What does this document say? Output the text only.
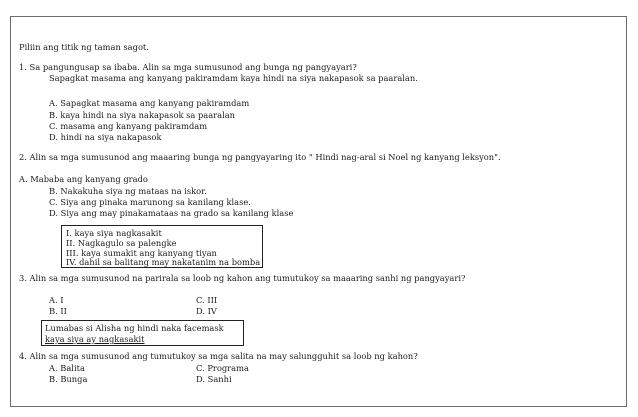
Piliin ang titik ng taman sagot.
1. Sa pangungusap sa ibaba. Alin sa mga sumusunod ang bunga ng pangyayari?
Sapagkat masama ang kanyang pakiramdam kaya hindi na siya nakapasok sa paaralan.
A. Sapagkat masama ang kanyang pakiramdam
B. kaya hindi na siya nakapasok sa paaralan
C. masama ang kanyang pakiramdam
D. hindi na siya nakapasok
2. Alin sa mga sumusunod ang maaaring bunga ng pangyayaring ito " Hindi nag-aral si Noel ng kanyang leksyon".
A. Mababa ang kanyang grado
B. Nakakuha siya ng mataas na iskor.
C. Siya ang pinaka marunong sa kanilang klase.
D. Siya ang may pinakamataas na grado sa kanilang klase
I. kaya siya nagkasakit
II. Nagkagulo sa palengke
III. kaya sumakit ang kanyang tiyan
IV. dahil sa balitang may nakatanim na bomba
3. Alin sa mga sumusunod na parirala sa loob ng kahon ang tumutukoy sa maaaring sanhi ng pangyayari?
A. I	C. III
B. II	D. IV
Lumabas si Alisha ng hindi naka facemask
kaya siya ay nagkasakit
4. Alin sa mga sumusunod ang tumutukoy sa mga salita na may salungguhit sa loob ng kahon?
A. Balita	C. Programa
B. Bunga	D. Sanhi
